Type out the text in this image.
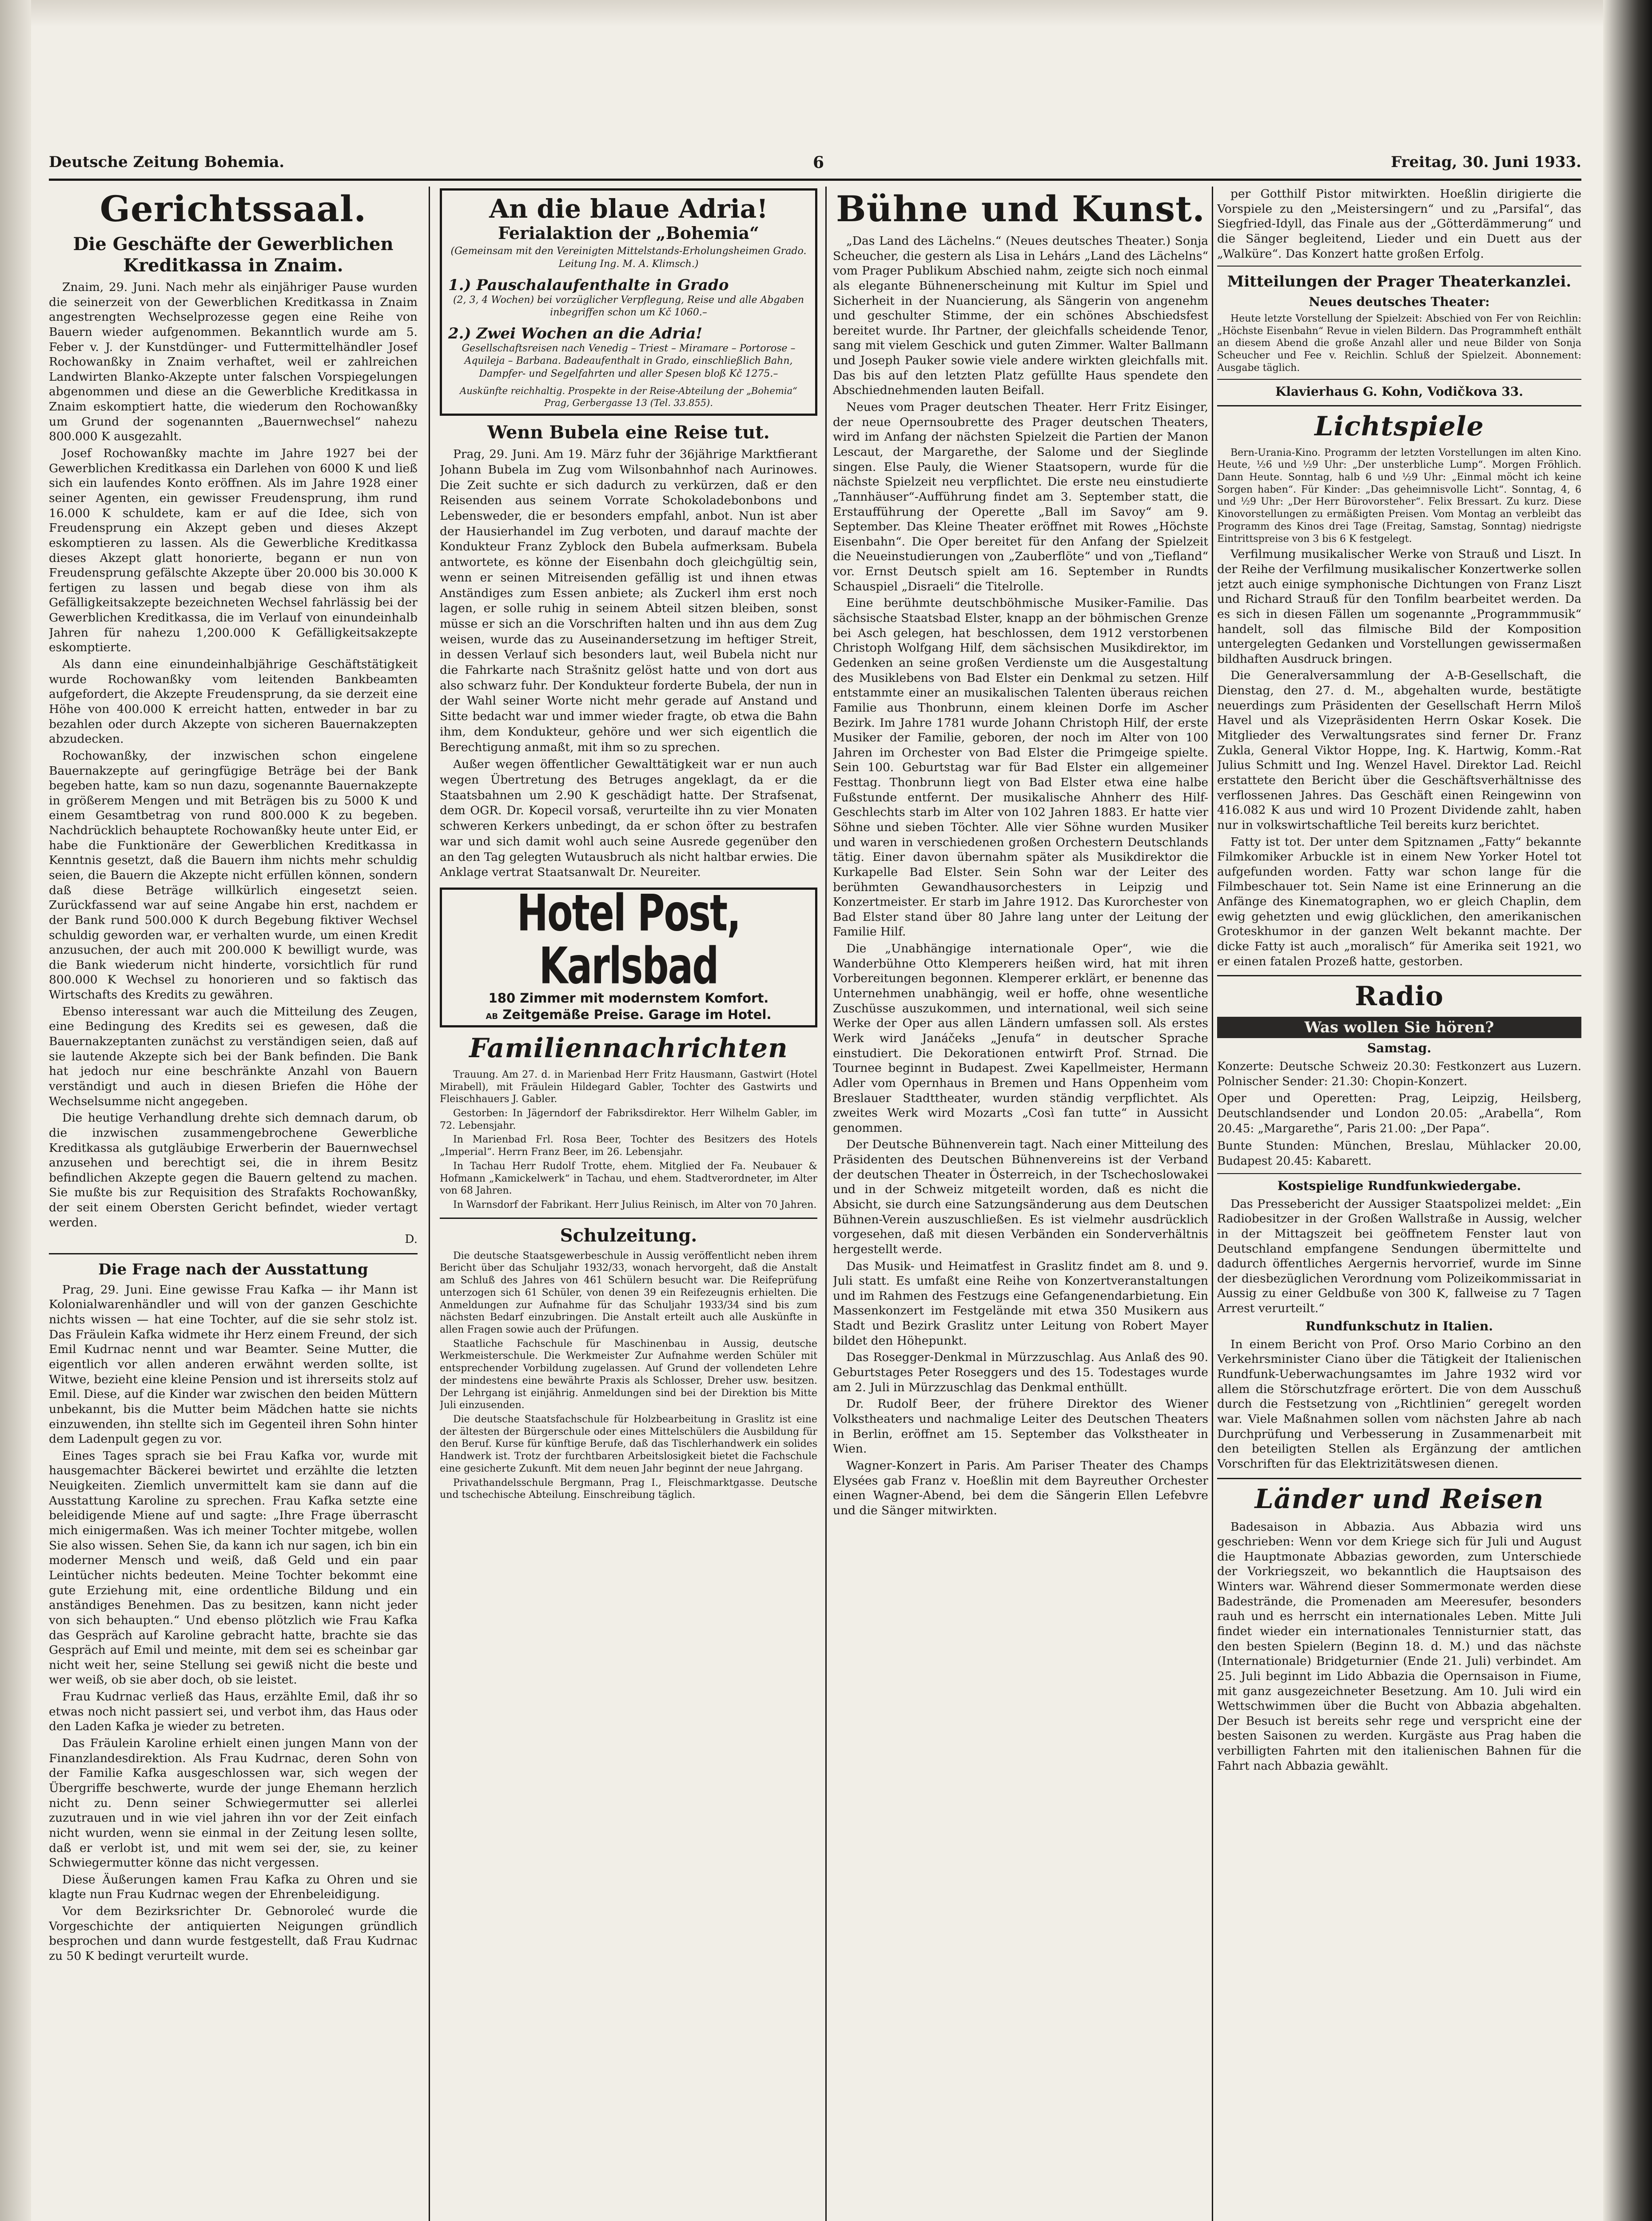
Deutsche Zeitung Bohemia.	6	Freitag, 30. Juni 1933.
Gerichtssaal.
Die Geschäfte der Gewerblichen Kreditkassa in Znaim.

Znaim, 29. Juni. Nach mehr als einjähriger Pause wurden die seinerzeit von der Gewerblichen Kreditkassa in Znaim angestrengten Wechselprozesse gegen eine Reihe von Bauern wieder aufgenommen. Bekanntlich wurde am 5. Feber v. J. der Kunstdünger- und Futtermittelhändler Josef Rochowanßky in Znaim verhaftet, weil er zahlreichen Landwirten Blanko-Akzepte unter falschen Vorspiegelungen abgenommen und diese an die Gewerbliche Kreditkassa in Znaim eskomptiert hatte, die wiederum den Rochowanßky um Grund der sogenannten „Bauernwechsel“ nahezu 800.000 K ausgezahlt.

Josef Rochowanßky machte im Jahre 1927 bei der Gewerblichen Kreditkassa ein Darlehen von 6000 K und ließ sich ein laufendes Konto eröffnen. Als im Jahre 1928 einer seiner Agenten, ein gewisser Freudensprung, ihm rund 16.000 K schuldete, kam er auf die Idee, sich von Freudensprung ein Akzept geben und dieses Akzept eskomptieren zu lassen. Als die Gewerbliche Kreditkassa dieses Akzept glatt honorierte, begann er nun von Freudensprung gefälschte Akzepte über 20.000 bis 30.000 K fertigen zu lassen und begab diese von ihm als Gefälligkeitsakzepte bezeichneten Wechsel fahrlässig bei der Gewerblichen Kreditkassa, die im Verlauf von einundeinhalb Jahren für nahezu 1,200.000 K Gefälligkeitsakzepte eskomptierte.

Als dann eine einundeinhalbjährige Geschäftstätigkeit wurde Rochowanßky vom leitenden Bankbeamten aufgefordert, die Akzepte Freudensprung, da sie derzeit eine Höhe von 400.000 K erreicht hatten, entweder in bar zu bezahlen oder durch Akzepte von sicheren Bauernakzepten abzudecken.

Rochowanßky, der inzwischen schon eingelene Bauernakzepte auf geringfügige Beträge bei der Bank begeben hatte, kam so nun dazu, sogenannte Bauernakzepte in größerem Mengen und mit Beträgen bis zu 5000 K und einem Gesamtbetrag von rund 800.000 K zu begeben. Nachdrücklich behauptete Rochowanßky heute unter Eid, er habe die Funktionäre der Gewerblichen Kreditkassa in Kenntnis gesetzt, daß die Bauern ihm nichts mehr schuldig seien, die Bauern die Akzepte nicht erfüllen können, sondern daß diese Beträge willkürlich eingesetzt seien. Zurückfassend war auf seine Angabe hin erst, nachdem er der Bank rund 500.000 K durch Begebung fiktiver Wechsel schuldig geworden war, er verhalten wurde, um einen Kredit anzusuchen, der auch mit 200.000 K bewilligt wurde, was die Bank wiederum nicht hinderte, vorsichtlich für rund 800.000 K Wechsel zu honorieren und so faktisch das Wirtschafts des Kredits zu gewähren.

Ebenso interessant war auch die Mitteilung des Zeugen, eine Bedingung des Kredits sei es gewesen, daß die Bauernakzeptanten zunächst zu verständigen seien, daß auf sie lautende Akzepte sich bei der Bank befinden. Die Bank hat jedoch nur eine beschränkte Anzahl von Bauern verständigt und auch in diesen Briefen die Höhe der Wechselsumme nicht angegeben.

Die heutige Verhandlung drehte sich demnach darum, ob die inzwischen zusammengebrochene Gewerbliche Kreditkassa als gutgläubige Erwerberin der Bauernwechsel anzusehen und berechtigt sei, die in ihrem Besitz befindlichen Akzepte gegen die Bauern geltend zu machen. Sie mußte bis zur Requisition des Strafakts Rochowanßky, der seit einem Obersten Gericht befindet, wieder vertagt werden.

D.

Die Frage nach der Ausstattung

Prag, 29. Juni. Eine gewisse Frau Kafka — ihr Mann ist Kolonialwarenhändler und will von der ganzen Geschichte nichts wissen — hat eine Tochter, auf die sie sehr stolz ist. Das Fräulein Kafka widmete ihr Herz einem Freund, der sich Emil Kudrnac nennt und war Beamter. Seine Mutter, die eigentlich vor allen anderen erwähnt werden sollte, ist Witwe, bezieht eine kleine Pension und ist ihrerseits stolz auf Emil. Diese, auf die Kinder war zwischen den beiden Müttern unbekannt, bis die Mutter beim Mädchen hatte sie nichts einzuwenden, ihn stellte sich im Gegenteil ihren Sohn hinter dem Ladenpult gegen zu vor.

Eines Tages sprach sie bei Frau Kafka vor, wurde mit hausgemachter Bäckerei bewirtet und erzählte die letzten Neuigkeiten. Ziemlich unvermittelt kam sie dann auf die Ausstattung Karoline zu sprechen. Frau Kafka setzte eine beleidigende Miene auf und sagte: „Ihre Frage überrascht mich einigermaßen. Was ich meiner Tochter mitgebe, wollen Sie also wissen. Sehen Sie, da kann ich nur sagen, ich bin ein moderner Mensch und weiß, daß Geld und ein paar Leintücher nichts bedeuten. Meine Tochter bekommt eine gute Erziehung mit, eine ordentliche Bildung und ein anständiges Benehmen. Das zu besitzen, kann nicht jeder von sich behaupten.“ Und ebenso plötzlich wie Frau Kafka das Gespräch auf Karoline gebracht hatte, brachte sie das Gespräch auf Emil und meinte, mit dem sei es scheinbar gar nicht weit her, seine Stellung sei gewiß nicht die beste und wer weiß, ob sie aber doch, ob sie leistet.

Frau Kudrnac verließ das Haus, erzählte Emil, daß ihr so etwas noch nicht passiert sei, und verbot ihm, das Haus oder den Laden Kafka je wieder zu betreten.

Das Fräulein Karoline erhielt einen jungen Mann von der Finanzlandesdirektion. Als Frau Kudrnac, deren Sohn von der Familie Kafka ausgeschlossen war, sich wegen der Übergriffe beschwerte, wurde der junge Ehemann herzlich nicht zu. Denn seiner Schwiegermutter sei allerlei zuzutrauen und in wie viel jahren ihn vor der Zeit einfach nicht wurden, wenn sie einmal in der Zeitung lesen sollte, daß er verlobt ist, und mit wem sei der, sie, zu keiner Schwiegermutter könne das nicht vergessen.

Diese Äußerungen kamen Frau Kafka zu Ohren und sie klagte nun Frau Kudrnac wegen der Ehrenbeleidigung.

Vor dem Bezirksrichter Dr. Gebnoroleć wurde die Vorgeschichte der antiquierten Neigungen gründlich besprochen und dann wurde festgestellt, daß Frau Kudrnac zu 50 K bedingt verurteilt wurde.

An die blaue Adria!
Ferialaktion der „Bohemia“
(Gemeinsam mit den Vereinigten Mittelstands-Erholungsheimen Grado. Leitung Ing. M. A. Klimsch.)
1.) Pauschalaufenthalte in Grado
(2, 3, 4 Wochen) bei vorzüglicher Verpflegung, Reise und alle Abgaben inbegriffen schon um Kč 1060.–
2.) Zwei Wochen an die Adria!
Gesellschaftsreisen nach Venedig – Triest – Miramare – Portorose – Aquileja – Barbana. Badeaufenthalt in Grado, einschließlich Bahn, Dampfer- und Segelfahrten und aller Spesen bloß Kč 1275.–
Auskünfte reichhaltig. Prospekte in der Reise-Abteilung der „Bohemia“ Prag, Gerbergasse 13 (Tel. 33.855).
Wenn Bubela eine Reise tut.

Prag, 29. Juni. Am 19. März fuhr der 36jährige Marktfierant Johann Bubela im Zug vom Wilsonbahnhof nach Aurinowes. Die Zeit suchte er sich dadurch zu verkürzen, daß er den Reisenden aus seinem Vorrate Schokoladebonbons und Lebensweder, die er besonders empfahl, anbot. Nun ist aber der Hausierhandel im Zug verboten, und darauf machte der Kondukteur Franz Zyblock den Bubela aufmerksam. Bubela antwortete, es könne der Eisenbahn doch gleichgültig sein, wenn er seinen Mitreisenden gefällig ist und ihnen etwas Anständiges zum Essen anbiete; als Zuckerl ihm erst noch lagen, er solle ruhig in seinem Abteil sitzen bleiben, sonst müsse er sich an die Vorschriften halten und ihn aus dem Zug weisen, wurde das zu Auseinandersetzung im heftiger Streit, in dessen Verlauf sich besonders laut, weil Bubela nicht nur die Fahrkarte nach Strašnitz gelöst hatte und von dort aus also schwarz fuhr. Der Kondukteur forderte Bubela, der nun in der Wahl seiner Worte nicht mehr gerade auf Anstand und Sitte bedacht war und immer wieder fragte, ob etwa die Bahn ihm, dem Kondukteur, gehöre und wer sich eigentlich die Berechtigung anmaßt, mit ihm so zu sprechen.

Außer wegen öffentlicher Gewalttätigkeit war er nun auch wegen Übertretung des Betruges angeklagt, da er die Staatsbahnen um 2.90 K geschädigt hatte. Der Strafsenat, dem OGR. Dr. Kopecil vorsaß, verurteilte ihn zu vier Monaten schweren Kerkers unbedingt, da er schon öfter zu bestrafen war und sich damit wohl auch seine Ausrede gegenüber den an den Tag gelegten Wutausbruch als nicht haltbar erwies. Die Anklage vertrat Staatsanwalt Dr. Neureiter.

Hotel Post, Karlsbad
180 Zimmer mit modernstem Komfort.
AB Zeitgemäße Preise. Garage im Hotel.
Familiennachrichten

Trauung. Am 27. d. in Marienbad Herr Fritz Hausmann, Gastwirt (Hotel Mirabell), mit Fräulein Hildegard Gabler, Tochter des Gastwirts und Fleischhauers J. Gabler.

Gestorben: In Jägerndorf der Fabriksdirektor. Herr Wilhelm Gabler, im 72. Lebensjahr.

In Marienbad Frl. Rosa Beer, Tochter des Besitzers des Hotels „Imperial“. Herrn Franz Beer, im 26. Lebensjahr.

In Tachau Herr Rudolf Trotte, ehem. Mitglied der Fa. Neubauer & Hofmann „Kamickelwerk“ in Tachau, und ehem. Stadtverordneter, im Alter von 68 Jahren.

In Warnsdorf der Fabrikant. Herr Julius Reinisch, im Alter von 70 Jahren.

Schulzeitung.

Die deutsche Staatsgewerbeschule in Aussig veröffentlicht neben ihrem Bericht über das Schuljahr 1932/33, wonach hervorgeht, daß die Anstalt am Schluß des Jahres von 461 Schülern besucht war. Die Reifeprüfung unterzogen sich 61 Schüler, von denen 39 ein Reifezeugnis erhielten. Die Anmeldungen zur Aufnahme für das Schuljahr 1933/34 sind bis zum nächsten Bedarf einzubringen. Die Anstalt erteilt auch alle Auskünfte in allen Fragen sowie auch der Prüfungen.

Staatliche Fachschule für Maschinenbau in Aussig, deutsche Werkmeisterschule. Die Werkmeister Zur Aufnahme werden Schüler mit entsprechender Vorbildung zugelassen. Auf Grund der vollendeten Lehre der mindestens eine bewährte Praxis als Schlosser, Dreher usw. besitzen. Der Lehrgang ist einjährig. Anmeldungen sind bei der Direktion bis Mitte Juli einzusenden.

Die deutsche Staatsfachschule für Holzbearbeitung in Graslitz ist eine der ältesten der Bürgerschule oder eines Mittelschülers die Ausbildung für den Beruf. Kurse für künftige Berufe, daß das Tischlerhandwerk ein solides Handwerk ist. Trotz der furchtbaren Arbeitslosigkeit bietet die Fachschule eine gesicherte Zukunft. Mit dem neuen Jahr beginnt der neue Jahrgang.

Privathandelsschule Bergmann, Prag I., Fleischmarktgasse. Deutsche und tschechische Abteilung. Einschreibung täglich.

Bühne und Kunst.

„Das Land des Lächelns.“ (Neues deutsches Theater.) Sonja Scheucher, die gestern als Lisa in Lehárs „Land des Lächelns“ vom Prager Publikum Abschied nahm, zeigte sich noch einmal als elegante Bühnenerscheinung mit Kultur im Spiel und Sicherheit in der Nuancierung, als Sängerin von angenehm und geschulter Stimme, der ein schönes Abschiedsfest bereitet wurde. Ihr Partner, der gleichfalls scheidende Tenor, sang mit vielem Geschick und guten Zimmer. Walter Ballmann und Joseph Pauker sowie viele andere wirkten gleichfalls mit. Das bis auf den letzten Platz gefüllte Haus spendete den Abschiednehmenden lauten Beifall.

Neues vom Prager deutschen Theater. Herr Fritz Eisinger, der neue Opernsoubrette des Prager deutschen Theaters, wird im Anfang der nächsten Spielzeit die Partien der Manon Lescaut, der Margarethe, der Salome und der Sieglinde singen. Else Pauly, die Wiener Staatsopern, wurde für die nächste Spielzeit neu verpflichtet. Die erste neu einstudierte „Tannhäuser“-Aufführung findet am 3. September statt, die Erstaufführung der Operette „Ball im Savoy“ am 9. September. Das Kleine Theater eröffnet mit Rowes „Höchste Eisenbahn“. Die Oper bereitet für den Anfang der Spielzeit die Neueinstudierungen von „Zauberflöte“ und von „Tiefland“ vor. Ernst Deutsch spielt am 16. September in Rundts Schauspiel „Disraeli“ die Titelrolle.

Eine berühmte deutschböhmische Musiker-Familie. Das sächsische Staatsbad Elster, knapp an der böhmischen Grenze bei Asch gelegen, hat beschlossen, dem 1912 verstorbenen Christoph Wolfgang Hilf, dem sächsischen Musikdirektor, im Gedenken an seine großen Verdienste um die Ausgestaltung des Musiklebens von Bad Elster ein Denkmal zu setzen. Hilf entstammte einer an musikalischen Talenten überaus reichen Familie aus Thonbrunn, einem kleinen Dorfe im Ascher Bezirk. Im Jahre 1781 wurde Johann Christoph Hilf, der erste Musiker der Familie, geboren, der noch im Alter von 100 Jahren im Orchester von Bad Elster die Primgeige spielte. Sein 100. Geburtstag war für Bad Elster ein allgemeiner Festtag. Thonbrunn liegt von Bad Elster etwa eine halbe Fußstunde entfernt. Der musikalische Ahnherr des Hilf-Geschlechts starb im Alter von 102 Jahren 1883. Er hatte vier Söhne und sieben Töchter. Alle vier Söhne wurden Musiker und waren in verschiedenen großen Orchestern Deutschlands tätig. Einer davon übernahm später als Musikdirektor die Kurkapelle Bad Elster. Sein Sohn war der Leiter des berühmten Gewandhausorchesters in Leipzig und Konzertmeister. Er starb im Jahre 1912. Das Kurorchester von Bad Elster stand über 80 Jahre lang unter der Leitung der Familie Hilf.

Die „Unabhängige internationale Oper“, wie die Wanderbühne Otto Klemperers heißen wird, hat mit ihren Vorbereitungen begonnen. Klemperer erklärt, er benenne das Unternehmen unabhängig, weil er hoffe, ohne wesentliche Zuschüsse auszukommen, und international, weil sich seine Werke der Oper aus allen Ländern umfassen soll. Als erstes Werk wird Janáčeks „Jenufa“ in deutscher Sprache einstudiert. Die Dekorationen entwirft Prof. Strnad. Die Tournee beginnt in Budapest. Zwei Kapellmeister, Hermann Adler vom Opernhaus in Bremen und Hans Oppenheim vom Breslauer Stadttheater, wurden ständig verpflichtet. Als zweites Werk wird Mozarts „Così fan tutte“ in Aussicht genommen.

Der Deutsche Bühnenverein tagt. Nach einer Mitteilung des Präsidenten des Deutschen Bühnenvereins ist der Verband der deutschen Theater in Österreich, in der Tschechoslowakei und in der Schweiz mitgeteilt worden, daß es nicht die Absicht, sie durch eine Satzungsänderung aus dem Deutschen Bühnen-Verein auszuschließen. Es ist vielmehr ausdrücklich vorgesehen, daß mit diesen Verbänden ein Sonderverhältnis hergestellt werde.

Das Musik- und Heimatfest in Graslitz findet am 8. und 9. Juli statt. Es umfaßt eine Reihe von Konzertveranstaltungen und im Rahmen des Festzugs eine Gefangenendarbietung. Ein Massenkonzert im Festgelände mit etwa 350 Musikern aus Stadt und Bezirk Graslitz unter Leitung von Robert Mayer bildet den Höhepunkt.

Das Rosegger-Denkmal in Mürzzuschlag. Aus Anlaß des 90. Geburtstages Peter Roseggers und des 15. Todestages wurde am 2. Juli in Mürzzuschlag das Denkmal enthüllt.

Dr. Rudolf Beer, der frühere Direktor des Wiener Volkstheaters und nachmalige Leiter des Deutschen Theaters in Berlin, eröffnet am 15. September das Volkstheater in Wien.

Wagner-Konzert in Paris. Am Pariser Theater des Champs Elysées gab Franz v. Hoeßlin mit dem Bayreuther Orchester einen Wagner-Abend, bei dem die Sängerin Ellen Lefebvre und die Sänger mitwirkten.

per Gotthilf Pistor mitwirkten. Hoeßlin dirigierte die Vorspiele zu den „Meistersingern“ und zu „Parsifal“, das Siegfried-Idyll, das Finale aus der „Götterdämmerung“ und die Sänger begleitend, Lieder und ein Duett aus der „Walküre“. Das Konzert hatte großen Erfolg.

Mitteilungen der Prager Theaterkanzlei.
Neues deutsches Theater:

Heute letzte Vorstellung der Spielzeit: Abschied von Fer von Reichlin: „Höchste Eisenbahn“ Revue in vielen Bildern. Das Programmheft enthält an diesem Abend die große Anzahl aller und neue Bilder von Sonja Scheucher und Fee v. Reichlin. Schluß der Spielzeit. Abonnement: Ausgabe täglich.

Klavierhaus G. Kohn, Vodičkova 33.
Lichtspiele

Bern-Urania-Kino. Programm der letzten Vorstellungen im alten Kino. Heute, ½6 und ½9 Uhr: „Der unsterbliche Lump“. Morgen Fröhlich. Dann Heute. Sonntag, halb 6 und ½9 Uhr: „Einmal möcht ich keine Sorgen haben“. Für Kinder: „Das geheimnisvolle Licht“. Sonntag, 4, 6 und ½9 Uhr: „Der Herr Bürovorsteher“. Felix Bressart. Zu kurz. Diese Kinovorstellungen zu ermäßigten Preisen. Vom Montag an verbleibt das Programm des Kinos drei Tage (Freitag, Samstag, Sonntag) niedrigste Eintrittspreise von 3 bis 6 K festgelegt.

Verfilmung musikalischer Werke von Strauß und Liszt. In der Reihe der Verfilmung musikalischer Konzertwerke sollen jetzt auch einige symphonische Dichtungen von Franz Liszt und Richard Strauß für den Tonfilm bearbeitet werden. Da es sich in diesen Fällen um sogenannte „Programmmusik“ handelt, soll das filmische Bild der Komposition untergelegten Gedanken und Vorstellungen gewissermaßen bildhaften Ausdruck bringen.

Die Generalversammlung der A-B-Gesellschaft, die Dienstag, den 27. d. M., abgehalten wurde, bestätigte neuerdings zum Präsidenten der Gesellschaft Herrn Miloš Havel und als Vizepräsidenten Herrn Oskar Kosek. Die Mitglieder des Verwaltungsrates sind ferner Dr. Franz Zukla, General Viktor Hoppe, Ing. K. Hartwig, Komm.-Rat Julius Schmitt und Ing. Wenzel Havel. Direktor Lad. Reichl erstattete den Bericht über die Geschäftsverhältnisse des verflossenen Jahres. Das Geschäft einen Reingewinn von 416.082 K aus und wird 10 Prozent Dividende zahlt, haben nur in volkswirtschaftliche Teil bereits kurz berichtet.

Fatty ist tot. Der unter dem Spitznamen „Fatty“ bekannte Filmkomiker Arbuckle ist in einem New Yorker Hotel tot aufgefunden worden. Fatty war schon lange für die Filmbeschauer tot. Sein Name ist eine Erinnerung an die Anfänge des Kinematographen, wo er gleich Chaplin, dem ewig gehetzten und ewig glücklichen, den amerikanischen Groteskhumor in der ganzen Welt bekannt machte. Der dicke Fatty ist auch „moralisch“ für Amerika seit 1921, wo er einen fatalen Prozeß hatte, gestorben.

Radio
Was wollen Sie hören?
Samstag.

Konzerte: Deutsche Schweiz 20.30: Festkonzert aus Luzern. Polnischer Sender: 21.30: Chopin-Konzert.

Oper und Operetten: Prag, Leipzig, Heilsberg, Deutschlandsender und London 20.05: „Arabella“, Rom 20.45: „Margarethe“, Paris 21.00: „Der Papa“.

Bunte Stunden: München, Breslau, Mühlacker 20.00, Budapest 20.45: Kabarett.

Kostspielige Rundfunkwiedergabe.

Das Pressebericht der Aussiger Staatspolizei meldet: „Ein Radiobesitzer in der Großen Wallstraße in Aussig, welcher in der Mittagszeit bei geöffnetem Fenster laut von Deutschland empfangene Sendungen übermittelte und dadurch öffentliches Aergernis hervorrief, wurde im Sinne der diesbezüglichen Verordnung vom Polizeikommissariat in Aussig zu einer Geldbuße von 300 K, fallweise zu 7 Tagen Arrest verurteilt.“

Rundfunkschutz in Italien.

In einem Bericht von Prof. Orso Mario Corbino an den Verkehrsminister Ciano über die Tätigkeit der Italienischen Rundfunk-Ueberwachungsamtes im Jahre 1932 wird vor allem die Störschutzfrage erörtert. Die von dem Ausschuß durch die Festsetzung von „Richtlinien“ geregelt worden war. Viele Maßnahmen sollen vom nächsten Jahre ab nach Durchprüfung und Verbesserung in Zusammenarbeit mit den beteiligten Stellen als Ergänzung der amtlichen Vorschriften für das Elektrizitätswesen dienen.

Länder und Reisen

Badesaison in Abbazia. Aus Abbazia wird uns geschrieben: Wenn vor dem Kriege sich für Juli und August die Hauptmonate Abbazias geworden, zum Unterschiede der Vorkriegszeit, wo bekanntlich die Hauptsaison des Winters war. Während dieser Sommermonate werden diese Badestrände, die Promenaden am Meeresufer, besonders rauh und es herrscht ein internationales Leben. Mitte Juli findet wieder ein internationales Tennisturnier statt, das den besten Spielern (Beginn 18. d. M.) und das nächste (Internationale) Bridgeturnier (Ende 21. Juli) verbindet. Am 25. Juli beginnt im Lido Abbazia die Opernsaison in Fiume, mit ganz ausgezeichneter Besetzung. Am 10. Juli wird ein Wettschwimmen über die Bucht von Abbazia abgehalten. Der Besuch ist bereits sehr rege und verspricht eine der besten Saisonen zu werden. Kurgäste aus Prag haben die verbilligten Fahrten mit den italienischen Bahnen für die Fahrt nach Abbazia gewählt.
